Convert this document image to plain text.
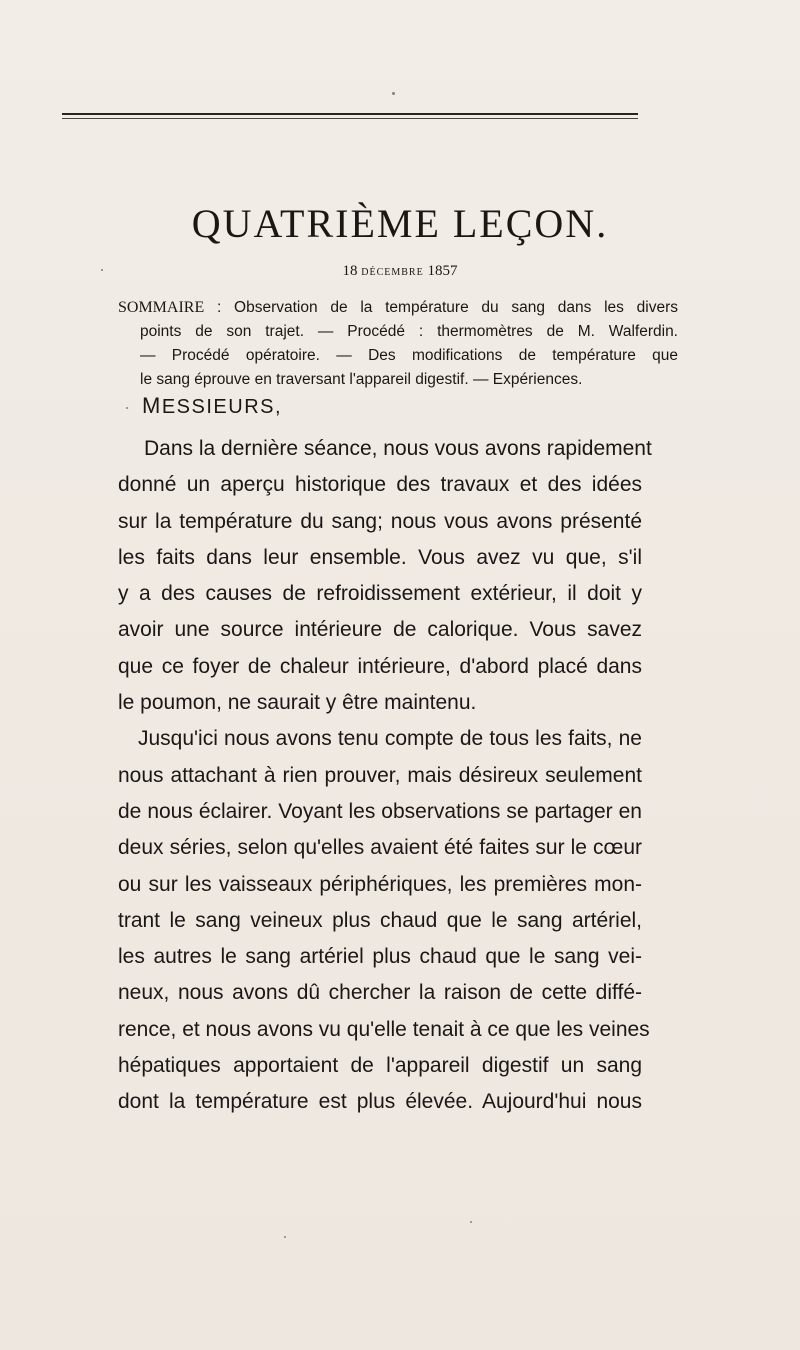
QUATRIÈME LEÇON.
18 décembre 1857
SOMMAIRE : Observation de la température du sang dans les divers
points de son trajet. — Procédé : thermomètres de M. Walferdin.
— Procédé opératoire. — Des modifications de température que
le sang éprouve en traversant l'appareil digestif. — Expériences.
MESSIEURS,
Dans la dernière séance, nous vous avons rapidement
donné un aperçu historique des travaux et des idées
sur la température du sang; nous vous avons présenté
les faits dans leur ensemble. Vous avez vu que, s'il
y a des causes de refroidissement extérieur, il doit y
avoir une source intérieure de calorique. Vous savez
que ce foyer de chaleur intérieure, d'abord placé dans
le poumon, ne saurait y être maintenu.
Jusqu'ici nous avons tenu compte de tous les faits, ne
nous attachant à rien prouver, mais désireux seulement
de nous éclairer. Voyant les observations se partager en
deux séries, selon qu'elles avaient été faites sur le cœur
ou sur les vaisseaux périphériques, les premières mon-
trant le sang veineux plus chaud que le sang artériel,
les autres le sang artériel plus chaud que le sang vei-
neux, nous avons dû chercher la raison de cette diffé-
rence, et nous avons vu qu'elle tenait à ce que les veines
hépatiques apportaient de l'appareil digestif un sang
dont la température est plus élevée. Aujourd'hui nous
